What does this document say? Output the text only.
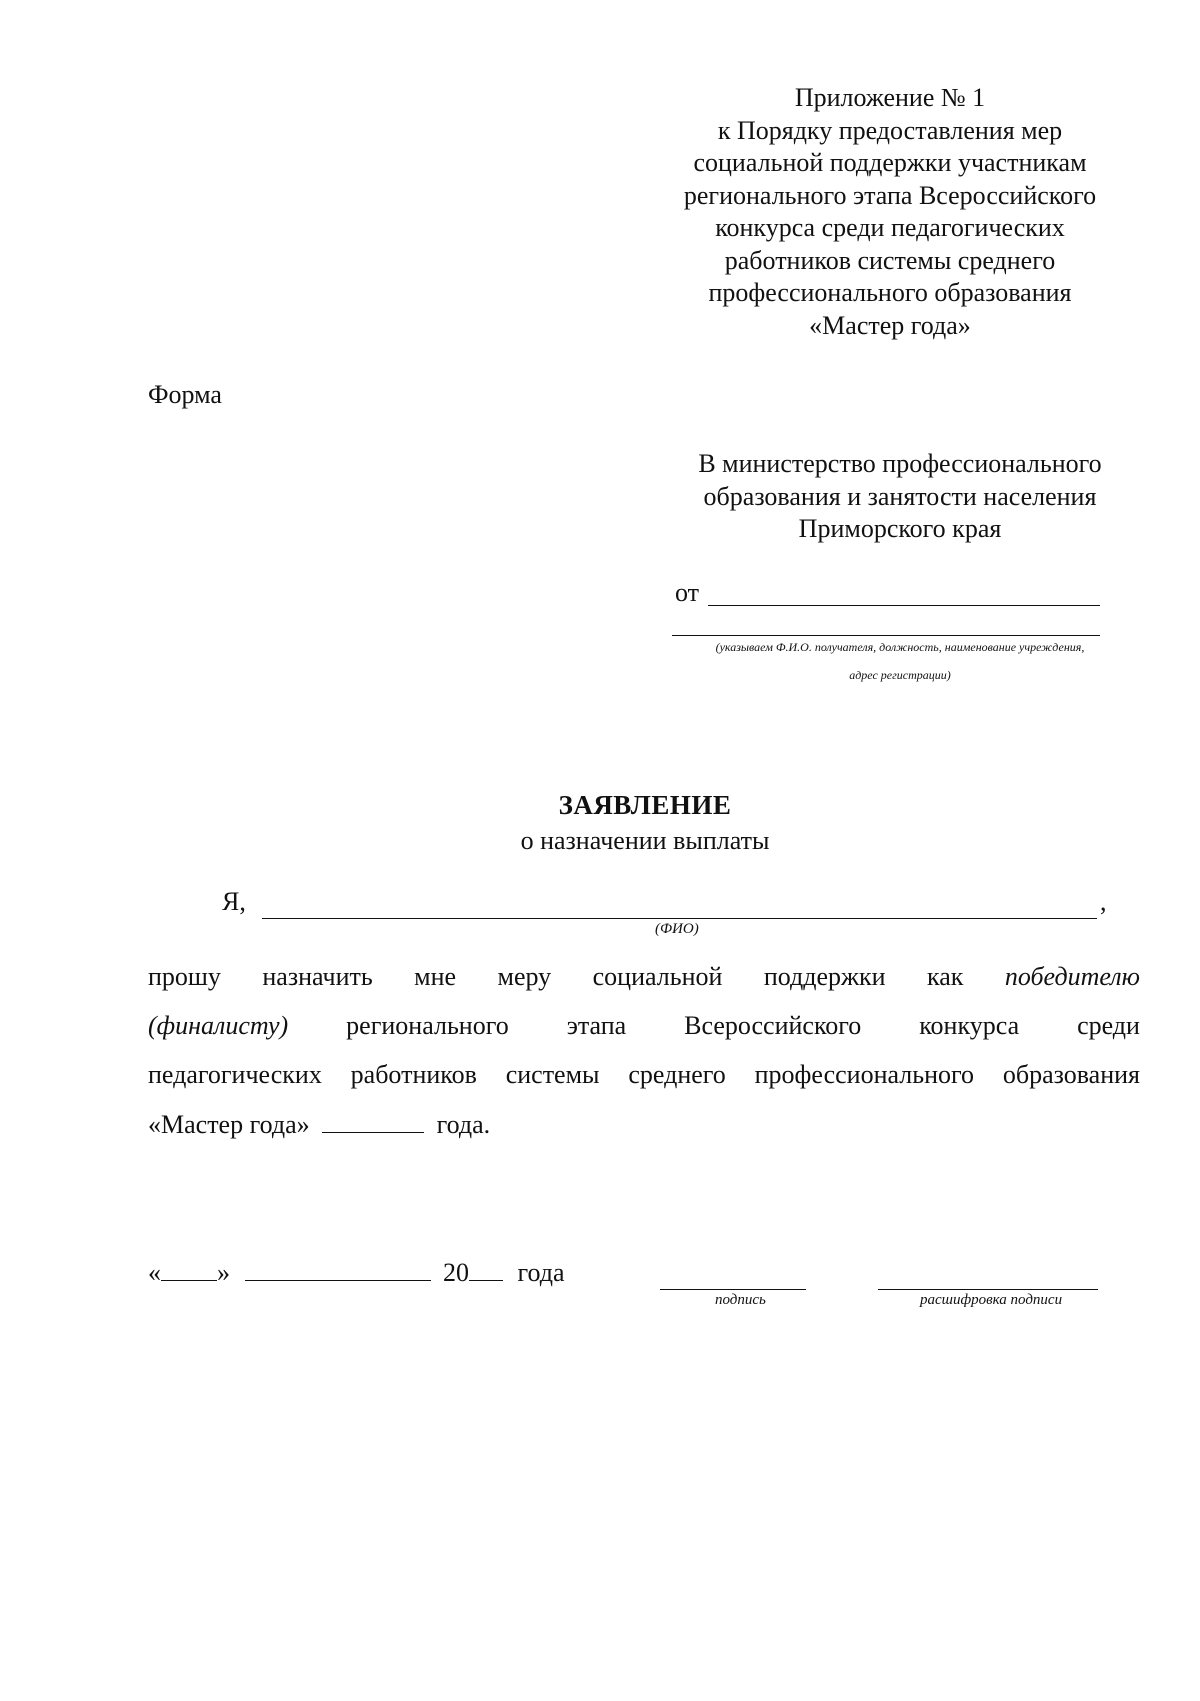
Приложение № 1
к Порядку предоставления мер
социальной поддержки участникам
регионального этапа Всероссийского
конкурса среди педагогических
работников системы среднего
профессионального образования
«Мастер года»
Форма
В министерство профессионального
образования и занятости населения
Приморского края
от
(указываем Ф.И.О. получателя, должность, наименование учреждения,
адрес регистрации)
ЗАЯВЛЕНИЕ
о назначении выплаты
Я,	,
(ФИО)
прошу назначить мне меру социальной поддержки как победителю
(финалисту) регионального этапа Всероссийского конкурса среди
педагогических работников системы среднего профессионального образования
«Мастер года»	года.
« »	20 года
подпись	расшифровка подписи
